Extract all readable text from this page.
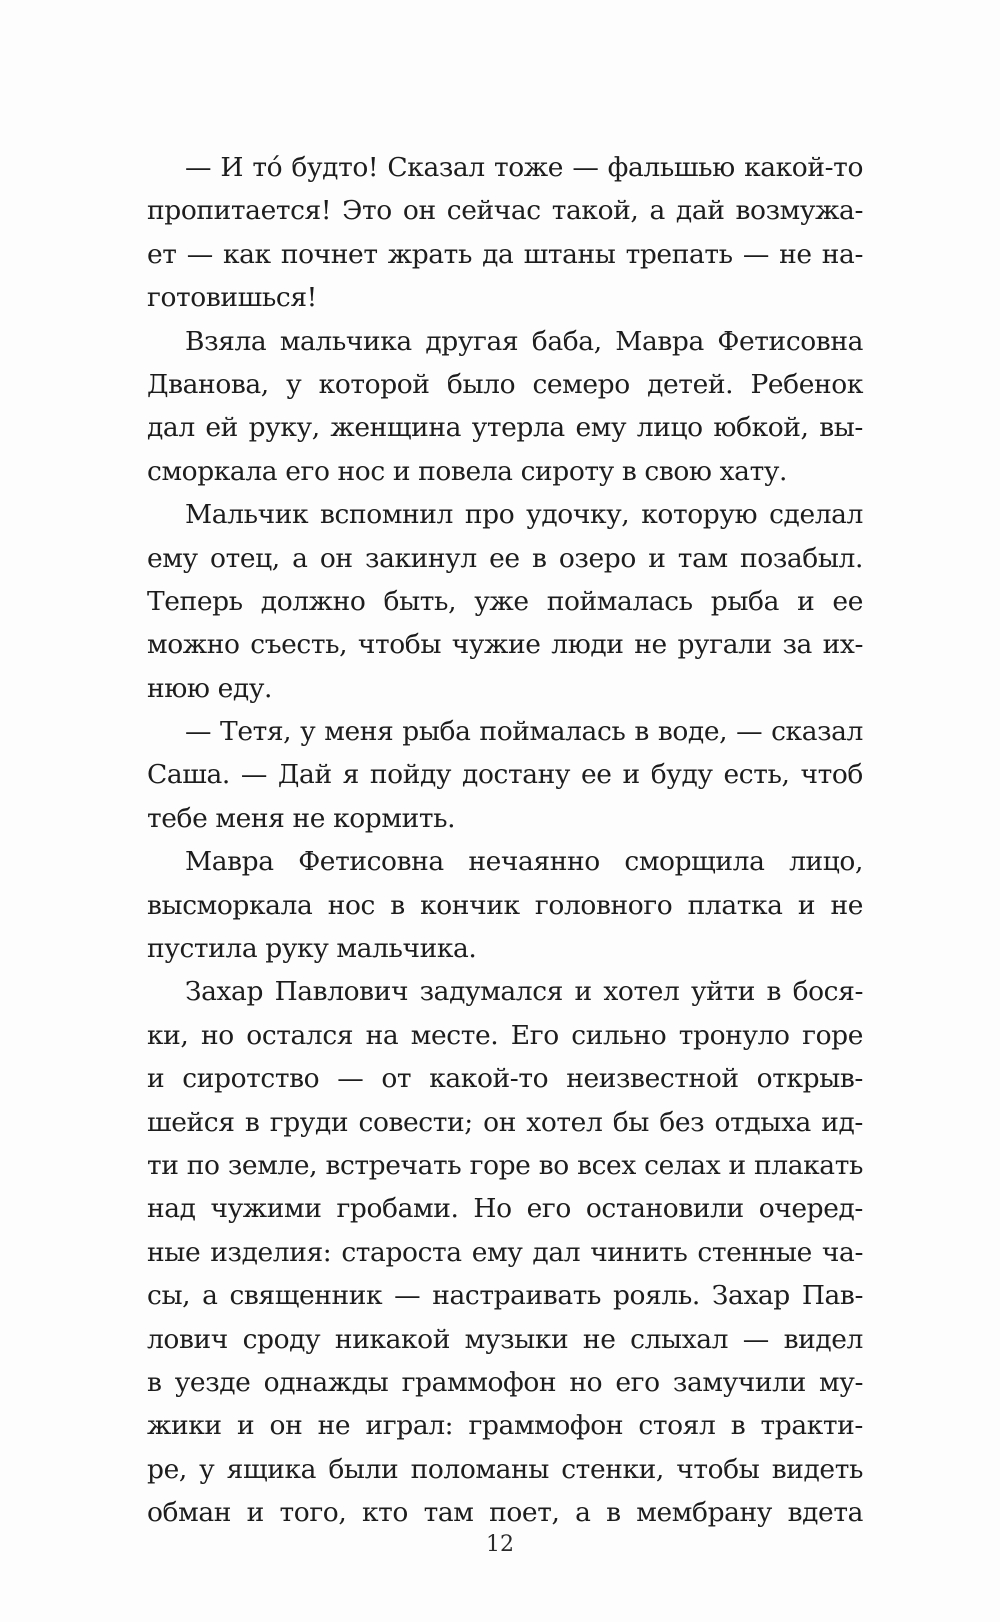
— И то́ будто! Сказал тоже — фальшью какой-то
пропитается! Это он сейчас такой, а дай возмужа-
ет — как почнет жрать да штаны трепать — не на-
готовишься!
Взяла мальчика другая баба, Мавра Фетисовна
Дванова, у которой было семеро детей. Ребенок
дал ей руку, женщина утерла ему лицо юбкой, вы-
сморкала его нос и повела сироту в свою хату.
Мальчик вспомнил про удочку, которую сделал
ему отец, а он закинул ее в озеро и там позабыл.
Теперь должно быть, уже поймалась рыба и ее
можно съесть, чтобы чужие люди не ругали за их-
нюю еду.
— Тетя, у меня рыба поймалась в воде, — сказал
Саша. — Дай я пойду достану ее и буду есть, чтоб
тебе меня не кормить.
Мавра Фетисовна нечаянно сморщила лицо,
высморкала нос в кончик головного платка и не
пустила руку мальчика.
Захар Павлович задумался и хотел уйти в бося-
ки, но остался на месте. Его сильно тронуло горе
и сиротство — от какой-то неизвестной открыв-
шейся в груди совести; он хотел бы без отдыха ид-
ти по земле, встречать горе во всех селах и плакать
над чужими гробами. Но его остановили очеред-
ные изделия: староста ему дал чинить стенные ча-
сы, а священник — настраивать рояль. Захар Пав-
лович сроду никакой музыки не слыхал — видел
в уезде однажды граммофон но его замучили му-
жики и он не играл: граммофон стоял в тракти-
ре, у ящика были поломаны стенки, чтобы видеть
обман и того, кто там поет, а в мембрану вдета
12
